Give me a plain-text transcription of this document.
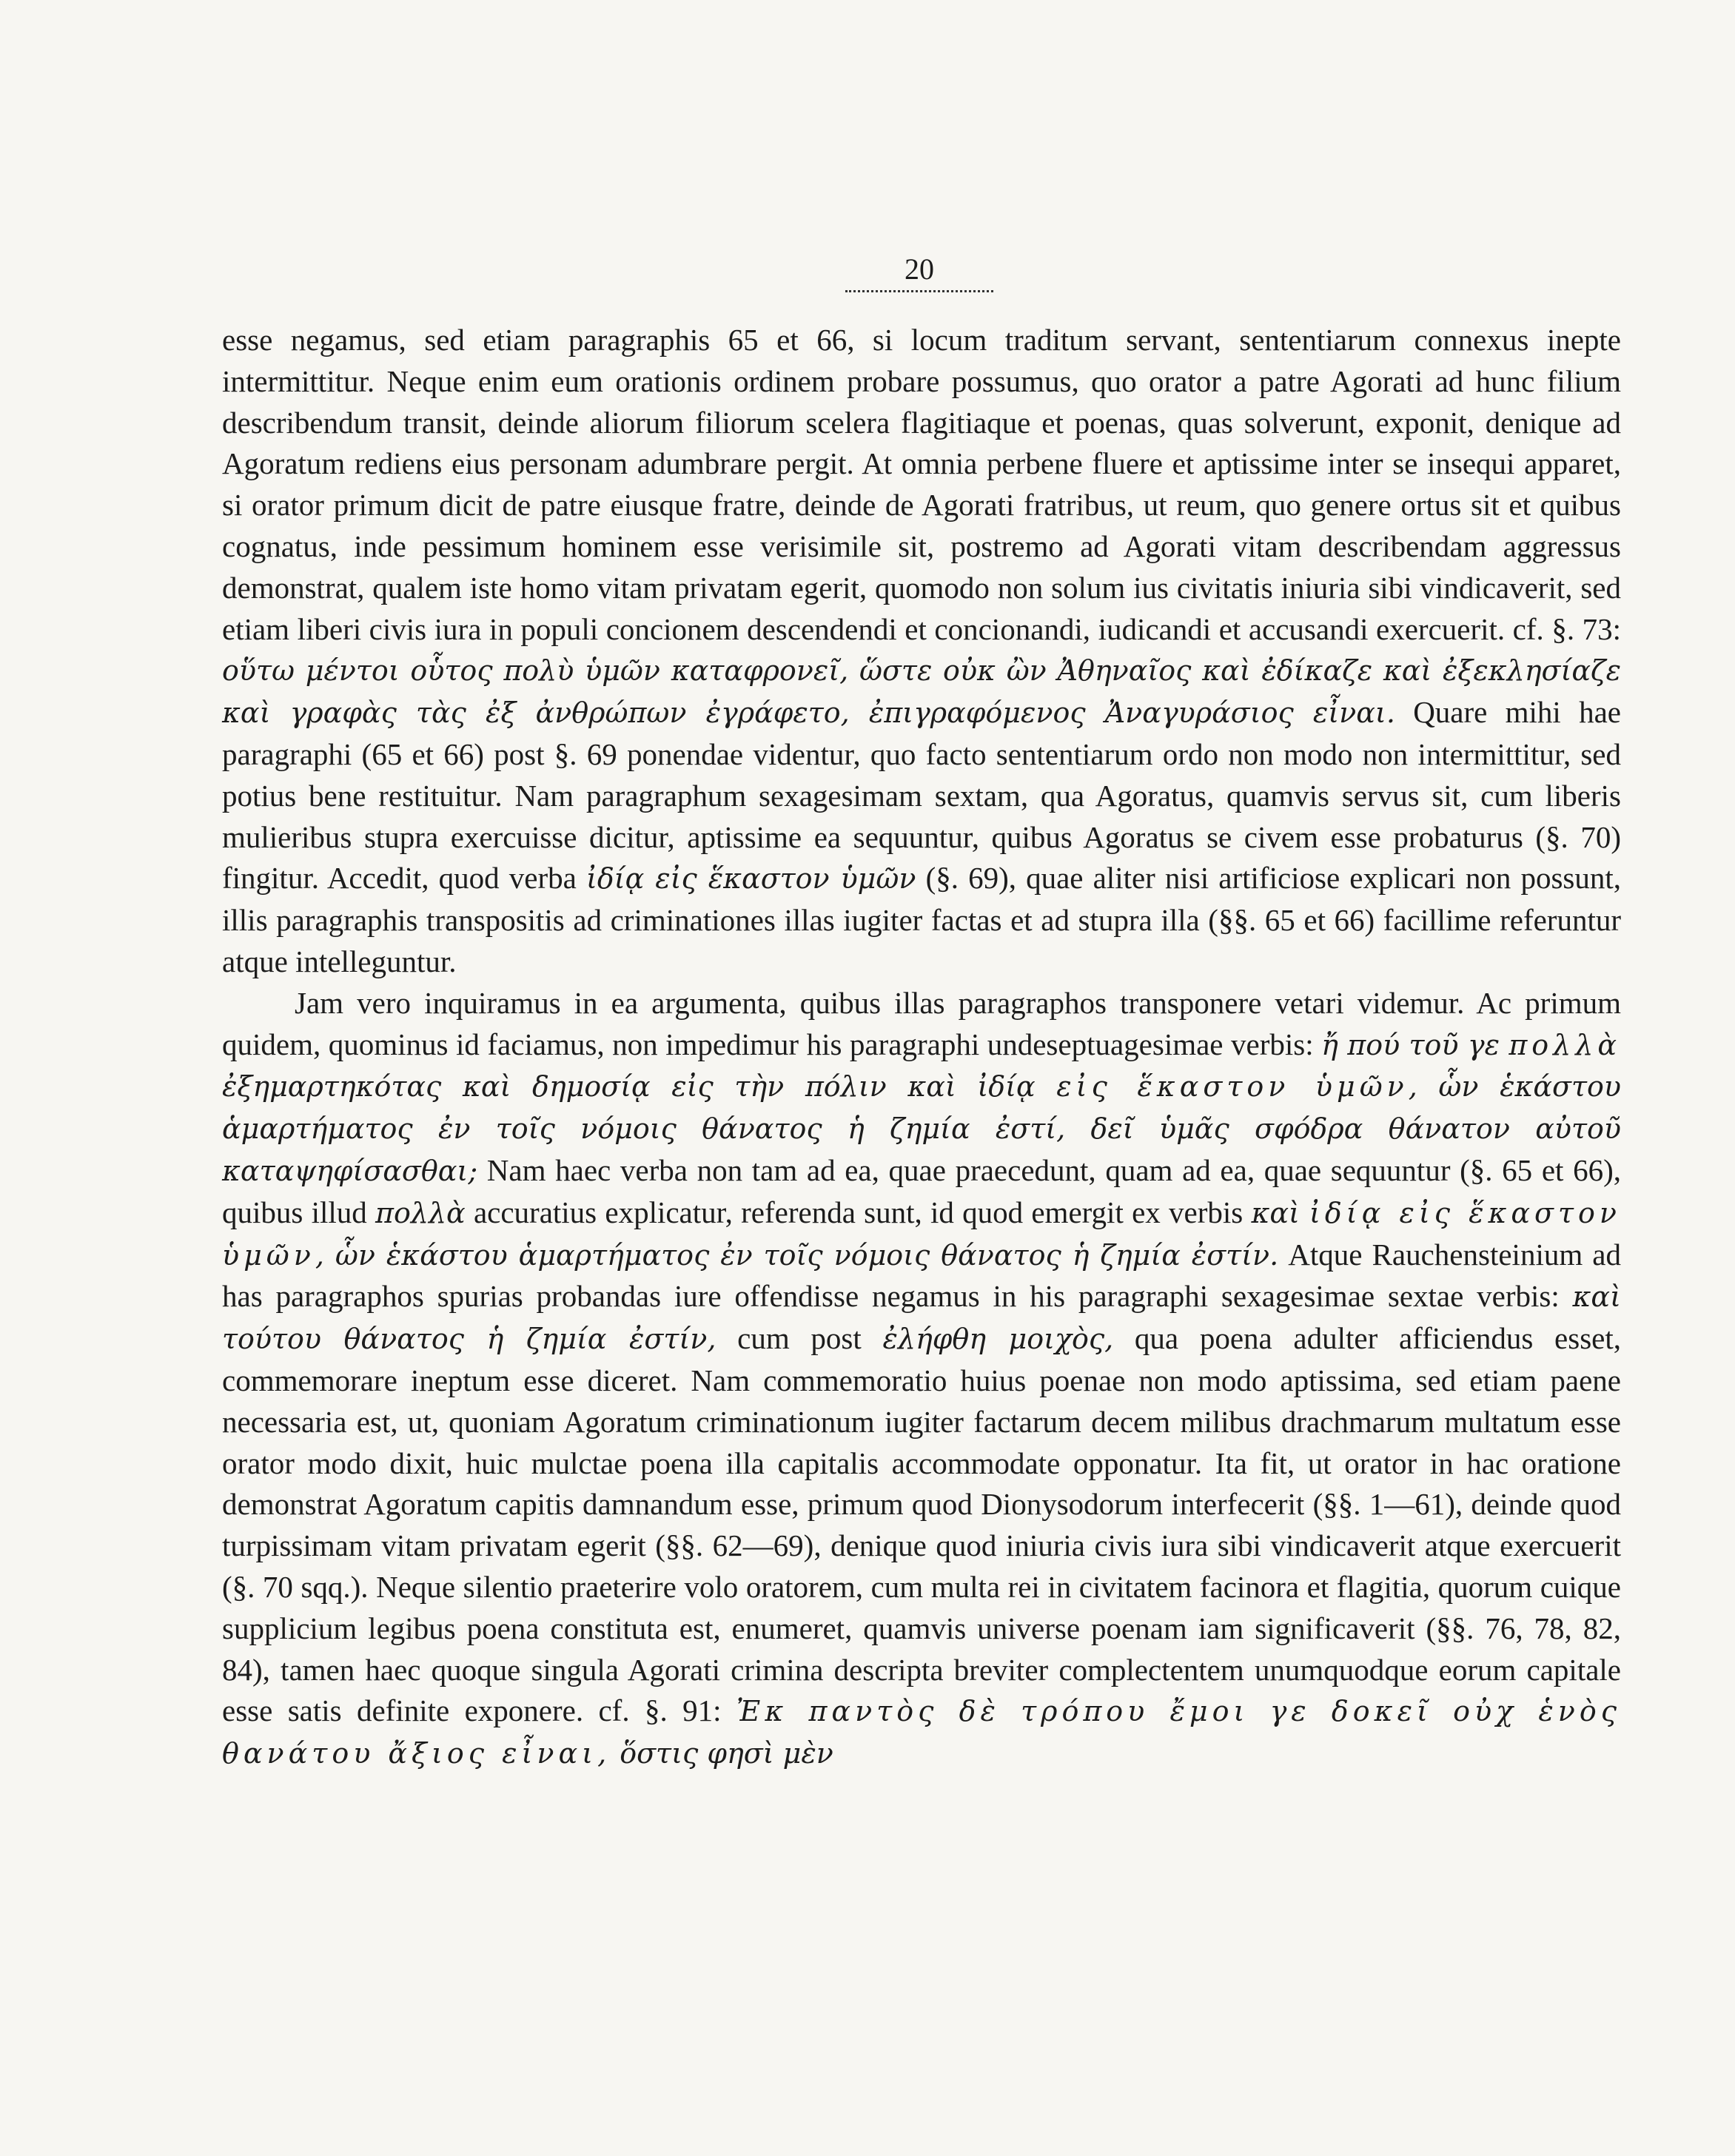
20

esse negamus, sed etiam paragraphis 65 et 66, si locum traditum servant, sententiarum connexus inepte intermittitur. Neque enim eum orationis ordinem probare possumus, quo orator a patre Agorati ad hunc filium describendum transit, deinde aliorum filiorum scelera flagitiaque et poenas, quas solverunt, exponit, denique ad Agoratum rediens eius personam adumbrare pergit. At omnia perbene fluere et aptissime inter se insequi apparet, si orator primum dicit de patre eiusque fratre, deinde de Agorati fratribus, ut reum, quo genere ortus sit et quibus cognatus, inde pessimum hominem esse verisimile sit, postremo ad Agorati vitam describendam aggressus demonstrat, qualem iste homo vitam privatam egerit, quomodo non solum ius civitatis iniuria sibi vindicaverit, sed etiam liberi civis iura in populi concionem descendendi et concionandi, iudicandi et accusandi exercuerit. cf. §. 73: οὕτω μέντοι οὗτος πολὺ ὑμῶν καταφρονεῖ, ὥστε οὐκ ὢν Ἀθηναῖος καὶ ἐδίκαζε καὶ ἐξεκλησίαζε καὶ γραφὰς τὰς ἐξ ἀνθρώπων ἐγράφετο, ἐπιγραφόμενος Ἀναγυράσιος εἶναι. Quare mihi hae paragraphi (65 et 66) post §. 69 ponendae videntur, quo facto sententiarum ordo non modo non intermittitur, sed potius bene restituitur. Nam paragraphum sexagesimam sextam, qua Agoratus, quamvis servus sit, cum liberis mulieribus stupra exercuisse dicitur, aptissime ea sequuntur, quibus Agoratus se civem esse probaturus (§. 70) fingitur. Accedit, quod verba ἰδίᾳ εἰς ἕκαστον ὑμῶν (§. 69), quae aliter nisi artificiose explicari non possunt, illis paragraphis transpositis ad criminationes illas iugiter factas et ad stupra illa (§§. 65 et 66) facillime referuntur atque intelleguntur.

Jam vero inquiramus in ea argumenta, quibus illas paragraphos transponere vetari videmur. Ac primum quidem, quominus id faciamus, non impedimur his paragraphi undeseptuagesimae verbis: ἤ πού τοῦ γε πολλὰ ἐξημαρτηκότας καὶ δημοσίᾳ εἰς τὴν πόλιν καὶ ἰδίᾳ εἰς ἕκαστον ὑμῶν, ὧν ἑκάστου ἁμαρτήματος ἐν τοῖς νόμοις θάνατος ἡ ζημία ἐστί, δεῖ ὑμᾶς σφόδρα θάνατον αὐτοῦ καταψηφίσασθαι; Nam haec verba non tam ad ea, quae praecedunt, quam ad ea, quae sequuntur (§. 65 et 66), quibus illud πολλὰ accuratius explicatur, referenda sunt, id quod emergit ex verbis καὶ ἰδίᾳ εἰς ἕκαστον ὑμῶν, ὧν ἑκάστου ἁμαρτήματος ἐν τοῖς νόμοις θάνατος ἡ ζημία ἐστίν. Atque Rauchensteinium ad has paragraphos spurias probandas iure offendisse negamus in his paragraphi sexagesimae sextae verbis: καὶ τούτου θάνατος ἡ ζημία ἐστίν, cum post ἐλήφθη μοιχὸς, qua poena adulter afficiendus esset, commemorare ineptum esse diceret. Nam commemoratio huius poenae non modo aptissima, sed etiam paene necessaria est, ut, quoniam Agoratum criminationum iugiter factarum decem milibus drachmarum multatum esse orator modo dixit, huic mulctae poena illa capitalis accommodate opponatur. Ita fit, ut orator in hac oratione demonstrat Agoratum capitis damnandum esse, primum quod Dionysodorum interfecerit (§§. 1—61), deinde quod turpissimam vitam privatam egerit (§§. 62—69), denique quod iniuria civis iura sibi vindicaverit atque exercuerit (§. 70 sqq.). Neque silentio praeterire volo oratorem, cum multa rei in civitatem facinora et flagitia, quorum cuique supplicium legibus poena constituta est, enumeret, quamvis universe poenam iam significaverit (§§. 76, 78, 82, 84), tamen haec quoque singula Agorati crimina descripta breviter complectentem unumquodque eorum capitale esse satis definite exponere. cf. §. 91: Ἐκ παντὸς δὲ τρόπου ἔμοι γε δοκεῖ οὐχ ἑνὸς θανάτου ἄξιος εἶναι, ὅστις φησὶ μὲν
